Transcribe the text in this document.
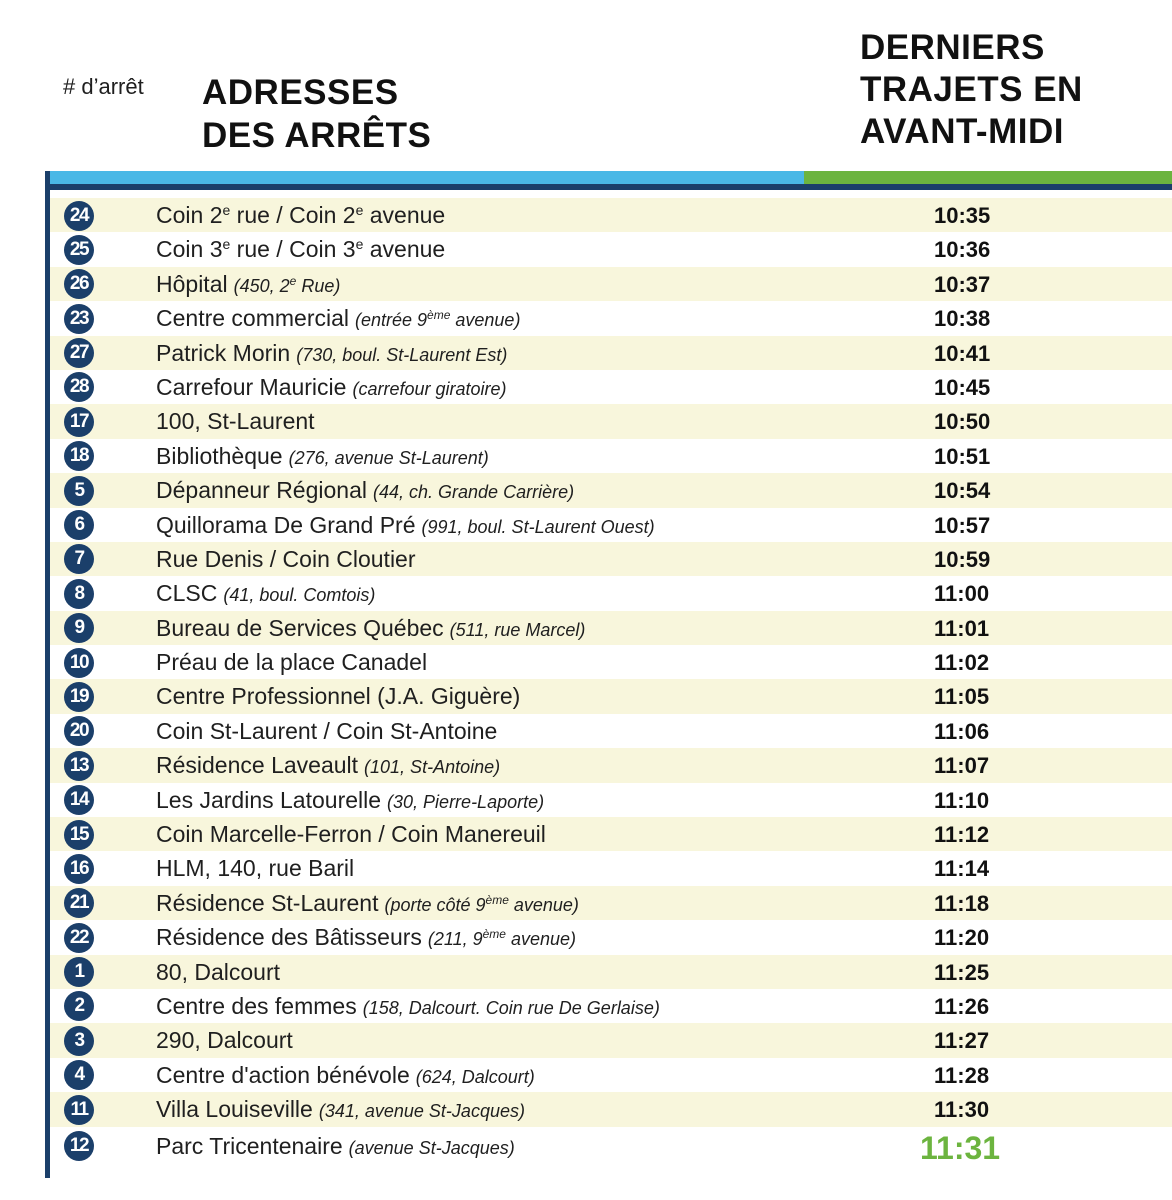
# d’arrêt ADRESSES
DES ARRÊTS
DERNIERS
TRAJETS EN
AVANT-MIDI
24	Coin 2e rue / Coin 2e avenue	10:35
25	Coin 3e rue / Coin 3e avenue	10:36
26	Hôpital (450, 2e Rue)	10:37
23	Centre commercial (entrée 9ème avenue)	10:38
27	Patrick Morin (730, boul. St-Laurent Est)	10:41
28	Carrefour Mauricie (carrefour giratoire)	10:45
17	100, St-Laurent	10:50
18	Bibliothèque (276, avenue St-Laurent)	10:51
5	Dépanneur Régional (44, ch. Grande Carrière)	10:54
6	Quillorama De Grand Pré (991, boul. St-Laurent Ouest)	10:57
7	Rue Denis / Coin Cloutier	10:59
8	CLSC (41, boul. Comtois)	11:00
9	Bureau de Services Québec (511, rue Marcel)	11:01
10	Préau de la place Canadel	11:02
19	Centre Professionnel (J.A. Giguère)	11:05
20	Coin St-Laurent / Coin St-Antoine	11:06
13	Résidence Laveault (101, St-Antoine)	11:07
14	Les Jardins Latourelle (30, Pierre-Laporte)	11:10
15	Coin Marcelle-Ferron / Coin Manereuil	11:12
16	HLM, 140, rue Baril	11:14
21	Résidence St-Laurent (porte côté 9ème avenue)	11:18
22	Résidence des Bâtisseurs (211, 9ème avenue)	11:20
1	80, Dalcourt	11:25
2	Centre des femmes (158, Dalcourt. Coin rue De Gerlaise)	11:26
3	290, Dalcourt	11:27
4	Centre d'action bénévole (624, Dalcourt)	11:28
11	Villa Louiseville (341, avenue St-Jacques)	11:30
12	Parc Tricentenaire (avenue St-Jacques)	11:31
